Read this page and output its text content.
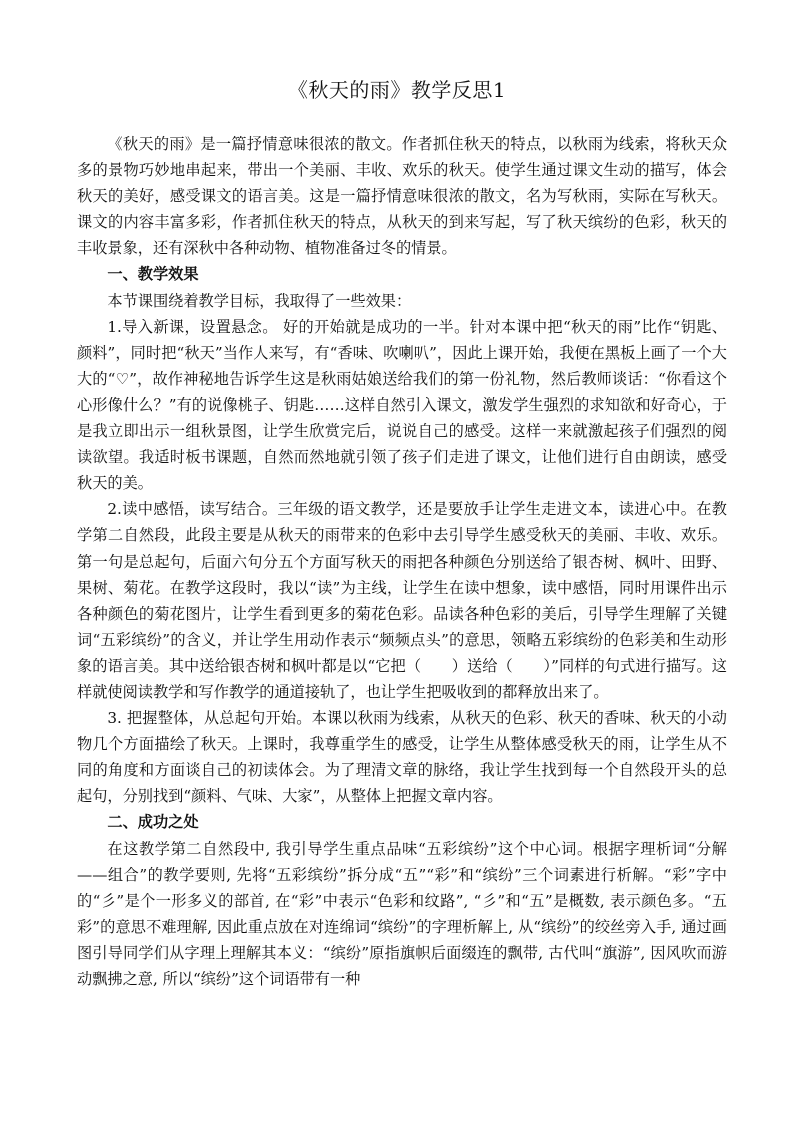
《秋天的雨》教学反思1

《秋天的雨》是一篇抒情意味很浓的散文。作者抓住秋天的特点，以秋雨为线索，将秋天众多的景物巧妙地串起来，带出一个美丽、丰收、欢乐的秋天。使学生通过课文生动的描写，体会秋天的美好，感受课文的语言美。这是一篇抒情意味很浓的散文，名为写秋雨，实际在写秋天。课文的内容丰富多彩，作者抓住秋天的特点，从秋天的到来写起，写了秋天缤纷的色彩，秋天的丰收景象，还有深秋中各种动物、植物准备过冬的情景。

一、教学效果

本节课围绕着教学目标，我取得了一些效果：

1.导入新课，设置悬念。 好的开始就是成功的一半。针对本课中把“秋天的雨”比作“钥匙、颜料”，同时把“秋天”当作人来写，有“香味、吹喇叭”，因此上课开始，我便在黑板上画了一个大大的“♡”，故作神秘地告诉学生这是秋雨姑娘送给我们的第一份礼物，然后教师谈话：“你看这个心形像什么？”有的说像桃子、钥匙……这样自然引入课文，激发学生强烈的求知欲和好奇心，于是我立即出示一组秋景图，让学生欣赏完后，说说自己的感受。这样一来就激起孩子们强烈的阅读欲望。我适时板书课题，自然而然地就引领了孩子们走进了课文，让他们进行自由朗读，感受秋天的美。

2.读中感悟，读写结合。三年级的语文教学，还是要放手让学生走进文本，读进心中。在教学第二自然段，此段主要是从秋天的雨带来的色彩中去引导学生感受秋天的美丽、丰收、欢乐。第一句是总起句，后面六句分五个方面写秋天的雨把各种颜色分别送给了银杏树、枫叶、田野、果树、菊花。在教学这段时，我以“读”为主线，让学生在读中想象，读中感悟，同时用课件出示各种颜色的菊花图片，让学生看到更多的菊花色彩。品读各种色彩的美后，引导学生理解了关键词“五彩缤纷”的含义，并让学生用动作表示“频频点头”的意思，领略五彩缤纷的色彩美和生动形象的语言美。其中送给银杏树和枫叶都是以“它把（　　）送给（　　）”同样的句式进行描写。这样就使阅读教学和写作教学的通道接轨了，也让学生把吸收到的都释放出来了。

3. 把握整体，从总起句开始。本课以秋雨为线索，从秋天的色彩、秋天的香味、秋天的小动物几个方面描绘了秋天。上课时，我尊重学生的感受，让学生从整体感受秋天的雨，让学生从不同的角度和方面谈自己的初读体会。为了理清文章的脉络，我让学生找到每一个自然段开头的总起句，分别找到“颜料、气味、大家”，从整体上把握文章内容。

二、成功之处

在这教学第二自然段中, 我引导学生重点品味“五彩缤纷”这个中心词。根据字理析词“分解——组合”的教学要则, 先将“五彩缤纷”拆分成“五”“彩”和“缤纷”三个词素进行析解。“彩”字中的“彡”是个一形多义的部首, 在“彩”中表示“色彩和纹路”, “彡”和“五”是概数, 表示颜色多。“五彩”的意思不难理解, 因此重点放在对连绵词“缤纷”的字理析解上, 从“缤纷”的绞丝旁入手, 通过画图引导同学们从字理上理解其本义：“缤纷”原指旗帜后面缀连的飘带, 古代叫“旗游”, 因风吹而游动飘拂之意, 所以“缤纷”这个词语带有一种
